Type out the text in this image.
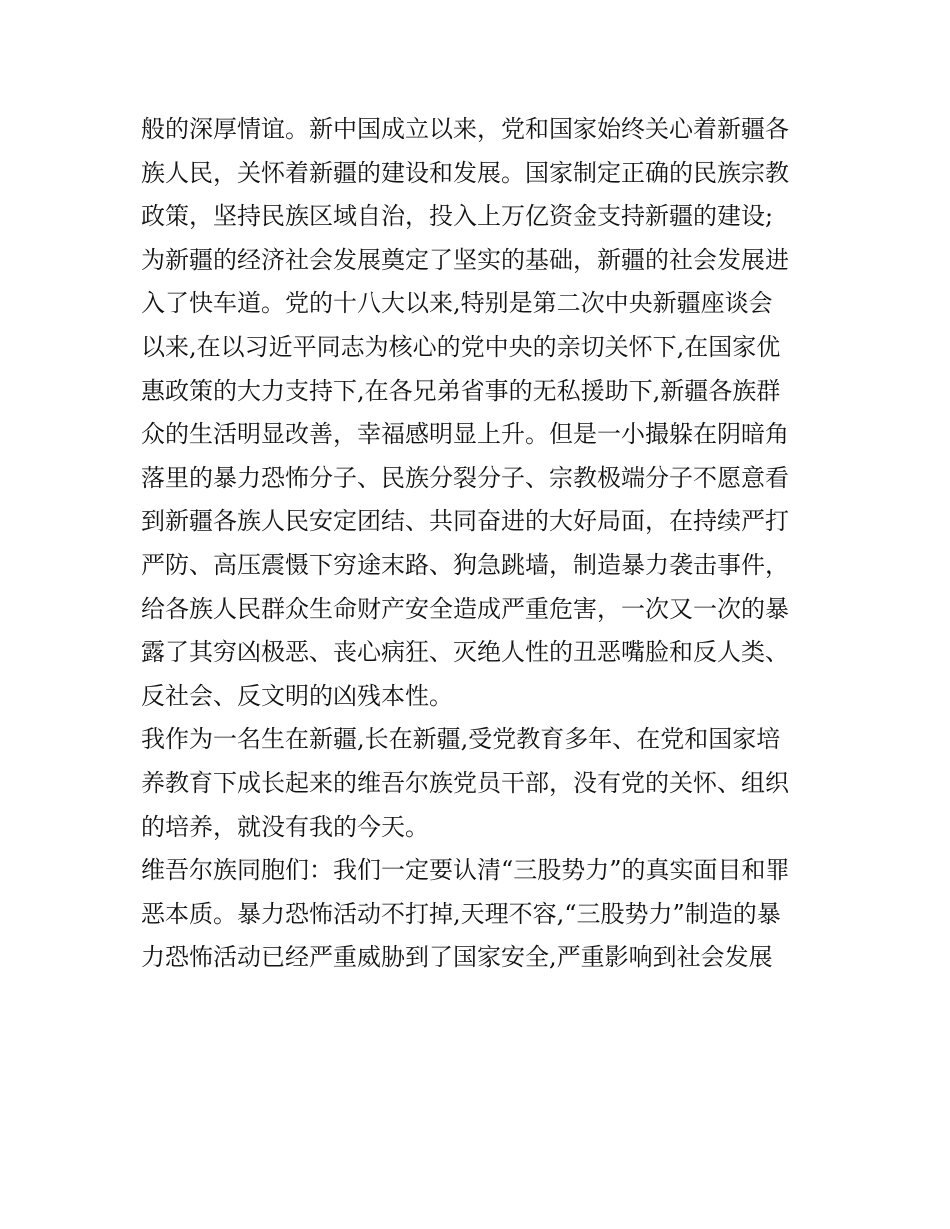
般的深厚情谊。新中国成立以来，党和国家始终关心着新疆各
族人民，关怀着新疆的建设和发展。国家制定正确的民族宗教
政策，坚持民族区域自治，投入上万亿资金支持新疆的建设;
为新疆的经济社会发展奠定了坚实的基础，新疆的社会发展进
入了快车道。党的十八大以来,特别是第二次中央新疆座谈会
以来,在以习近平同志为核心的党中央的亲切关怀下,在国家优
惠政策的大力支持下,在各兄弟省事的无私援助下,新疆各族群
众的生活明显改善，幸福感明显上升。但是一小撮躲在阴暗角
落里的暴力恐怖分子、民族分裂分子、宗教极端分子不愿意看
到新疆各族人民安定团结、共同奋进的大好局面，在持续严打
严防、高压震慑下穷途末路、狗急跳墙，制造暴力袭击事件，
给各族人民群众生命财产安全造成严重危害，一次又一次的暴
露了其穷凶极恶、丧心病狂、灭绝人性的丑恶嘴脸和反人类、
反社会、反文明的凶残本性。
我作为一名生在新疆,长在新疆,受党教育多年、在党和国家培
养教育下成长起来的维吾尔族党员干部，没有党的关怀、组织
的培养，就没有我的今天。
维吾尔族同胞们：我们一定要认清“三股势力”的真实面目和罪
恶本质。暴力恐怖活动不打掉,天理不容,“三股势力”制造的暴
力恐怖活动已经严重威胁到了国家安全,严重影响到社会发展
